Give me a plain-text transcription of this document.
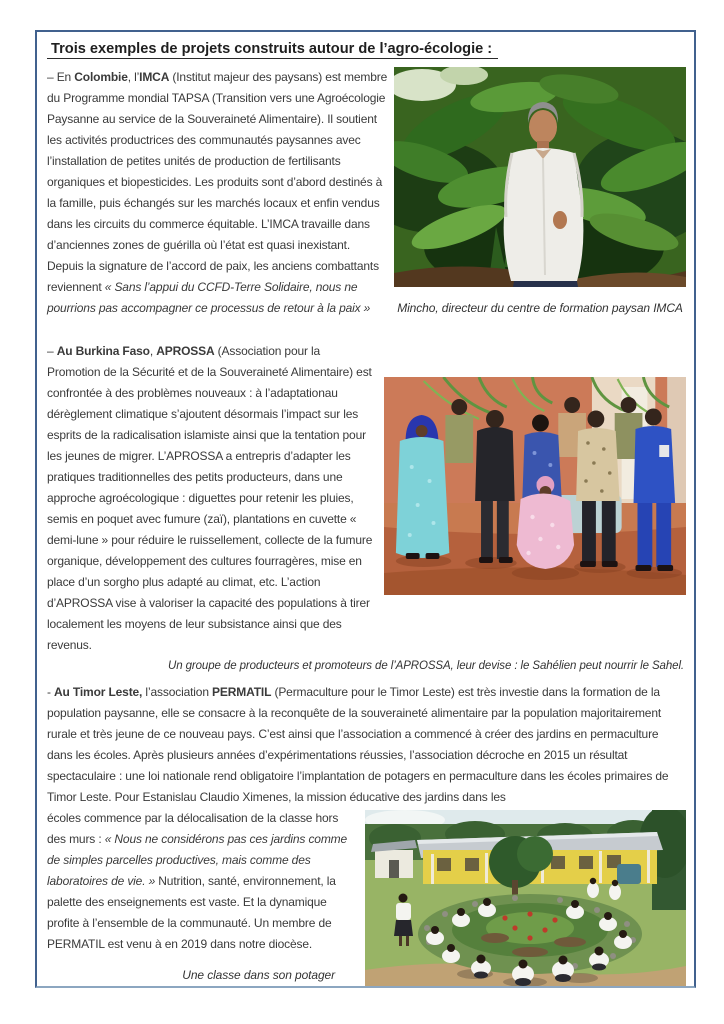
Trois exemples de projets construits autour de l’agro-écologie :
– En Colombie, l’IMCA (Institut majeur des paysans) est membre du Programme mondial TAPSA (Transition vers une Agroécologie Paysanne au service de la Souveraineté Alimentaire). Il soutient les activités productrices des communautés paysannes avec l’installation de petites unités de production de fertilisants organiques et biopesticides. Les produits sont d’abord destinés à la famille, puis échangés sur les marchés locaux et enfin vendus dans les circuits du commerce équitable. L’IMCA travaille dans d’anciennes zones de guérilla où l’état est quasi inexistant. Depuis la signature de l’accord de paix, les anciens combattants reviennent « Sans l’appui du CCFD-Terre Solidaire, nous ne pourrions pas accompagner ce processus de retour à la paix »	Mincho, directeur du centre de formation paysan IMCA
– Au Burkina Faso, APROSSA (Association pour la Promotion de la Sécurité et de la Souveraineté Alimentaire) est confrontée à des problèmes nouveaux : à l’adaptationau dérèglement climatique s’ajoutent désormais l’impact sur les esprits de la radicalisation islamiste ainsi que la tentation pour les jeunes de migrer. L’APROSSA a entrepris d’adapter les pratiques traditionnelles des petits producteurs, dans une approche agroécologique : diguettes pour retenir les pluies, semis en poquet avec fumure (zaï), plantations en cuvette « demi-lune » pour réduire le ruissellement, collecte de la fumure organique, développement des cultures fourragères, mise en place d’un sorgho plus adapté au climat, etc. L’action d’APROSSA vise à valoriser la capacité des populations à tirer localement les moyens de leur subsistance ainsi que des revenus.
Un groupe de producteurs et promoteurs de l’APROSSA, leur devise : le Sahélien peut nourrir le Sahel.
- Au Timor Leste, l’association PERMATIL (Permaculture pour le Timor Leste) est très investie dans la formation de la population paysanne, elle se consacre à la reconquête de la souveraineté alimentaire par la population majoritairement rurale et très jeune de ce nouveau pays. C’est ainsi que l’association a commencé à créer des jardins en permaculture dans les écoles. Après plusieurs années d’expérimentations réussies, l’association décroche en 2015 un résultat spectaculaire : une loi nationale rend obligatoire l’implantation de potagers en permaculture dans les écoles primaires de Timor Leste. Pour Estanislau Claudio Ximenes, la mission éducative des jardins dans les
écoles commence par la délocalisation de la classe hors des murs : « Nous ne considérons pas ces jardins comme de simples parcelles productives, mais comme des laboratoires de vie. » Nutrition, santé, environnement, la palette des enseignements est vaste. Et la dynamique profite à l’ensemble de la communauté. Un membre de PERMATIL est venu à en 2019 dans notre diocèse.
Une classe dans son potager
